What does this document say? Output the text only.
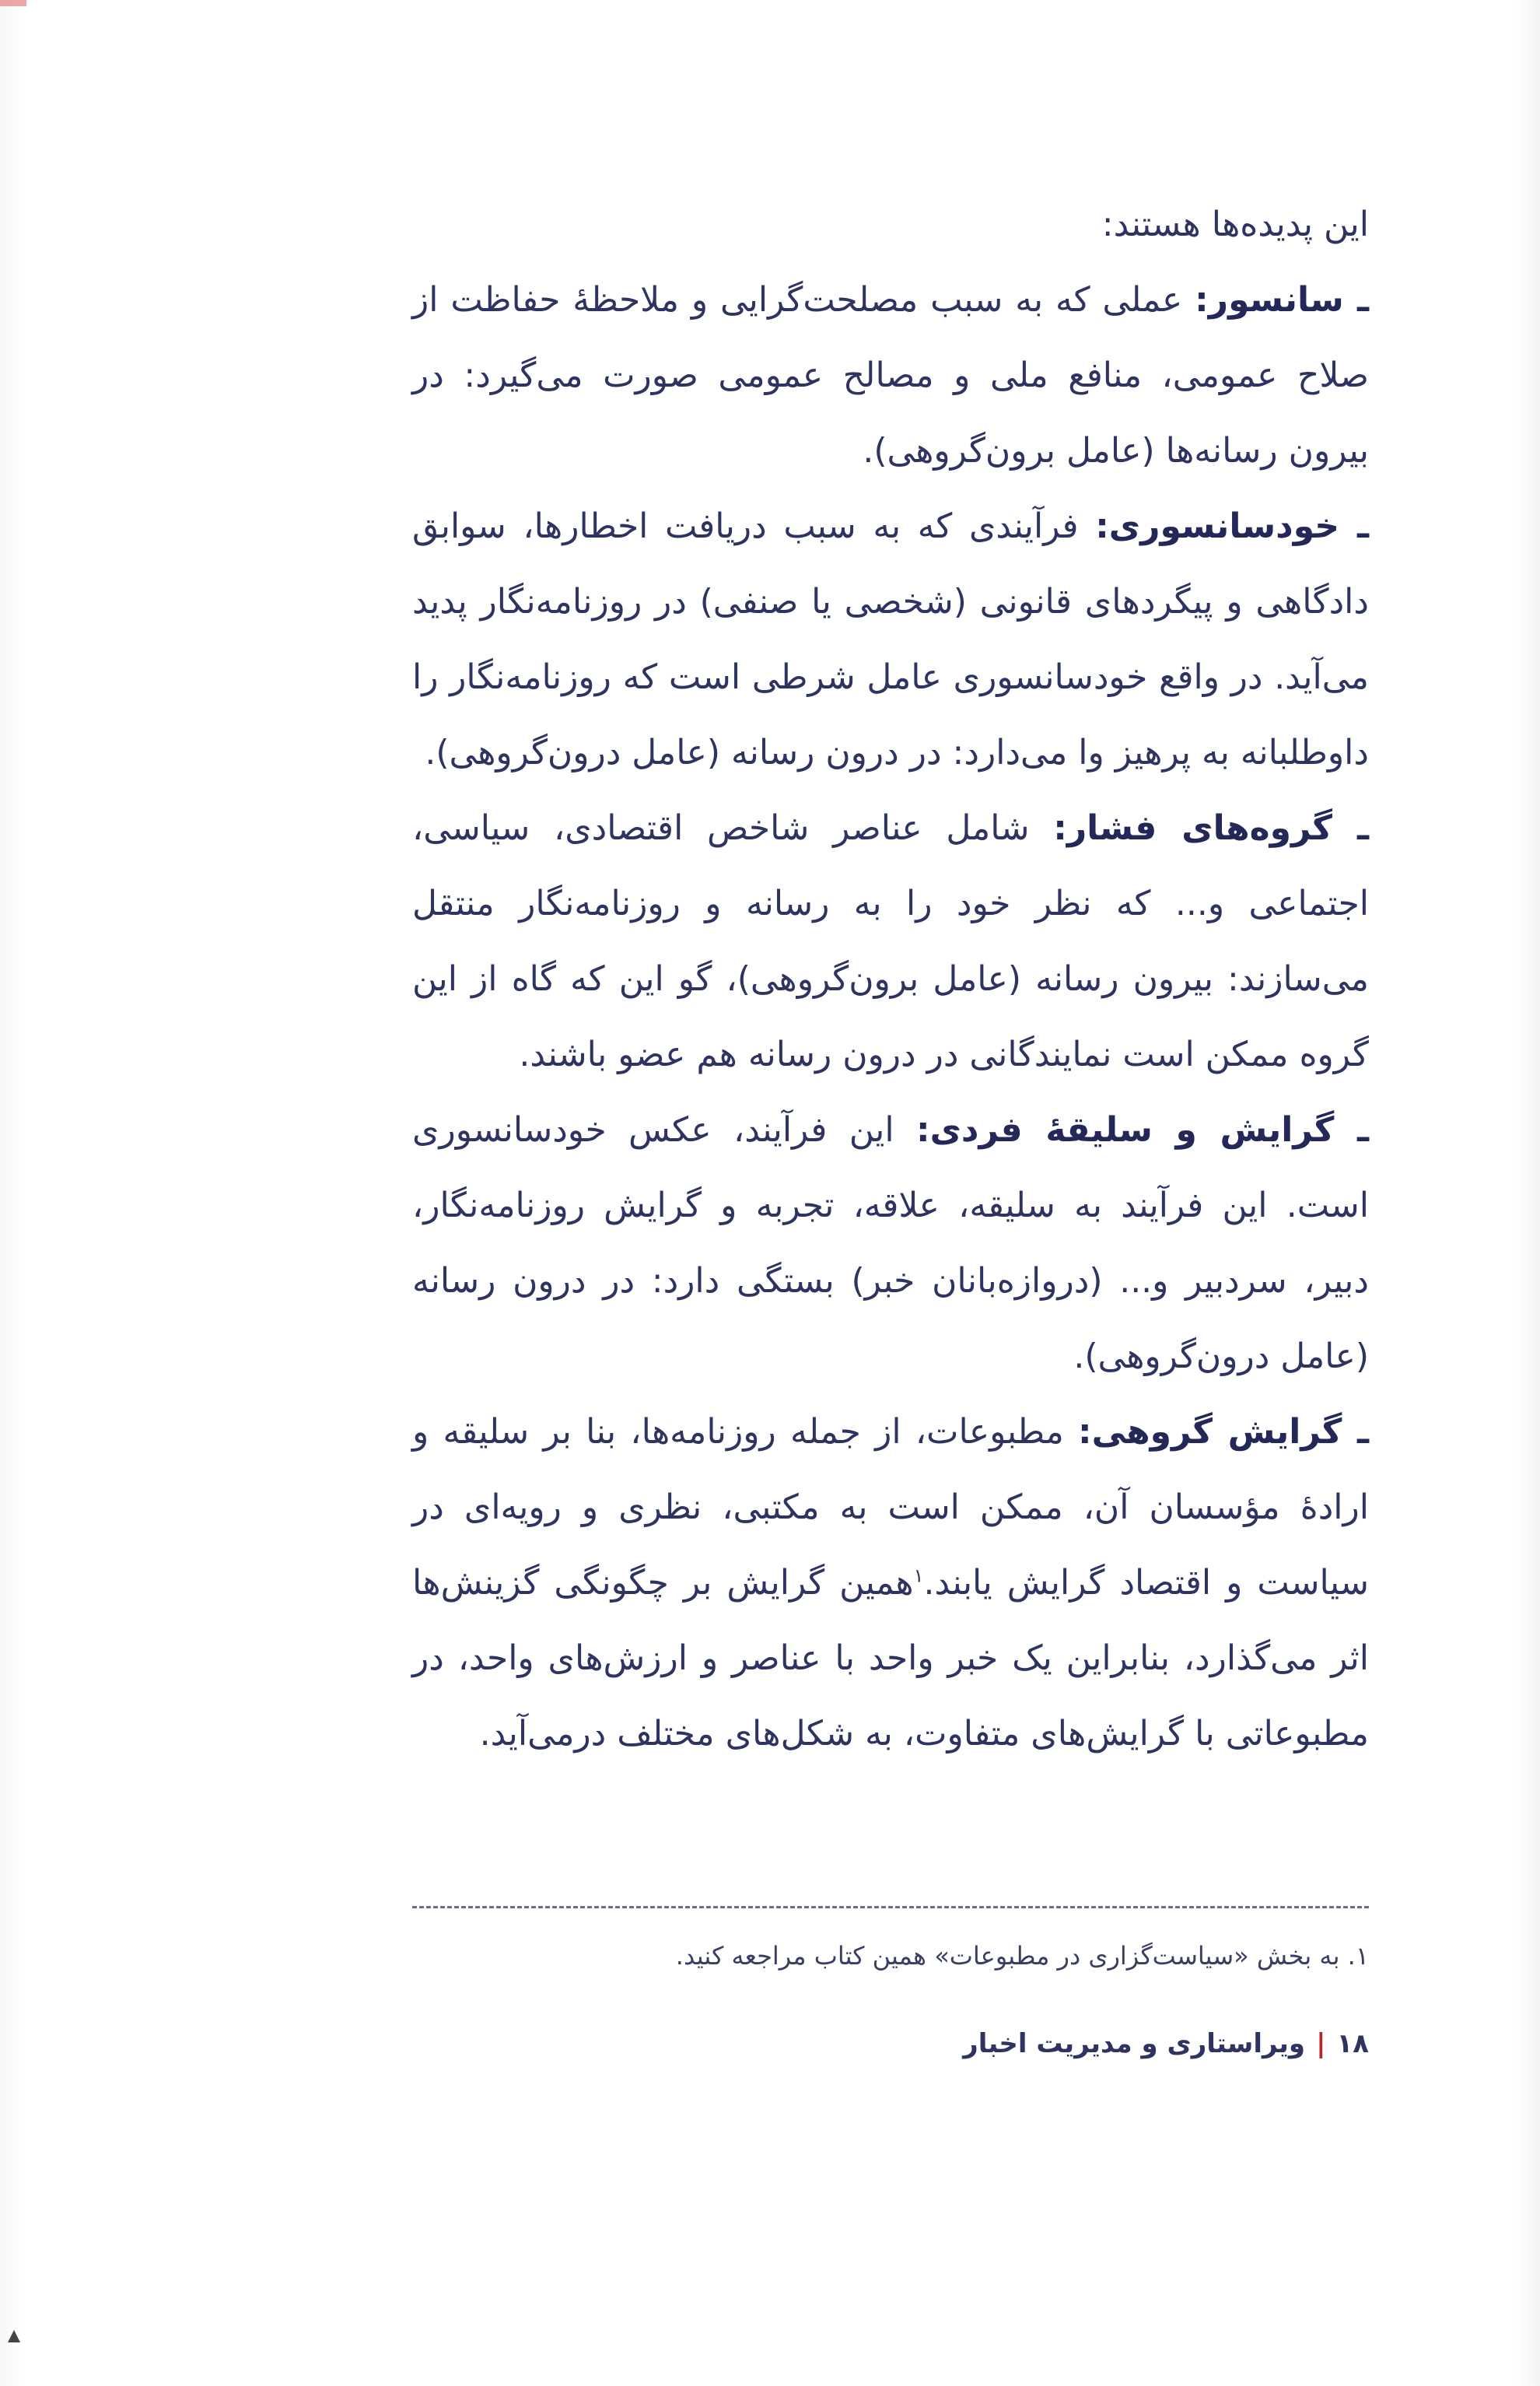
این پدیده‌ها هستند:

ـ سانسور: عملی که به سبب مصلحت‌گرایی و ملاحظهٔ حفاظت از صلاح عمومی، منافع ملی و مصالح عمومی صورت می‌گیرد: در بیرون رسانه‌ها (عامل برون‌گروهی).

ـ خودسانسوری: فرآیندی که به سبب دریافت اخطارها، سوابق دادگاهی و پیگردهای قانونی (شخصی یا صنفی) در روزنامه‌نگار پدید می‌آید. در واقع خودسانسوری عامل شرطی است که روزنامه‌نگار را داوطلبانه به پرهیز وا می‌دارد: در درون رسانه (عامل درون‌گروهی).

ـ گروه‌های فشار: شامل عناصر شاخص اقتصادی، سیاسی، اجتماعی و... که نظر خود را به رسانه و روزنامه‌نگار منتقل می‌سازند: بیرون رسانه (عامل برون‌گروهی)، گو این که گاه از این گروه ممکن است نمایندگانی در درون رسانه هم عضو باشند.

ـ گرایش و سلیقهٔ فردی: این فرآیند، عکس خودسانسوری است. این فرآیند به سلیقه، علاقه، تجربه و گرایش روزنامه‌نگار، دبیر، سردبیر و... (دروازه‌بانان خبر) بستگی دارد: در درون رسانه (عامل درون‌گروهی).

ـ گرایش گروهی: مطبوعات، از جمله روزنامه‌ها، بنا بر سلیقه و ارادهٔ مؤسسان آن، ممکن است به مکتبی، نظری و رویه‌ای در سیاست و اقتصاد گرایش یابند.$^۱$همین گرایش بر چگونگی گزینش‌ها اثر می‌گذارد، بنابراین یک خبر واحد با عناصر و ارزش‌های واحد، در مطبوعاتی با گرایش‌های متفاوت، به شکل‌های مختلف درمی‌آید.

۱. به بخش «سیاست‌گزاری در مطبوعات» همین کتاب مراجعه کنید.
۱۸|ویراستاری و مدیریت اخبار
